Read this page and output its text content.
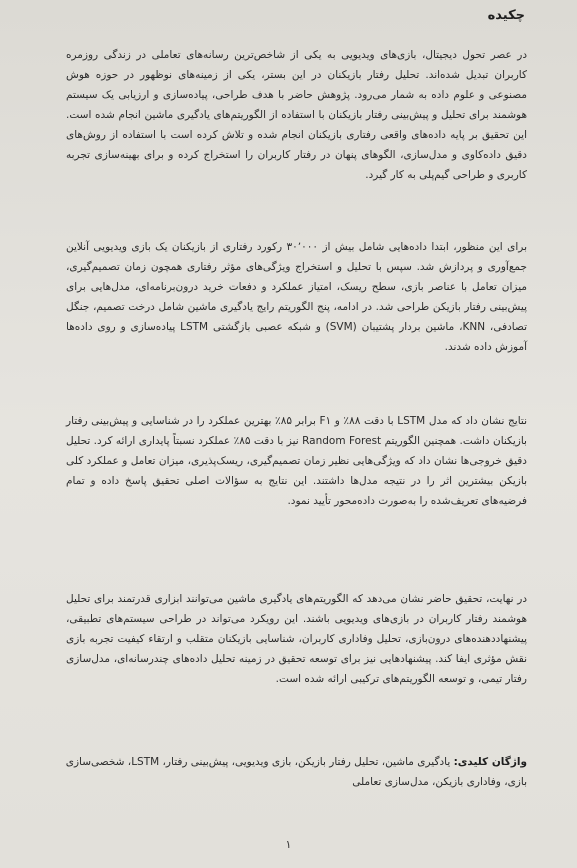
چکیده

در عصر تحول دیجیتال، بازی‌های ویدیویی به یکی از شاخص‌ترین رسانه‌های تعاملی در زندگی روزمره کاربران تبدیل شده‌اند. تحلیل رفتار بازیکنان در این بستر، یکی از زمینه‌های نوظهور در حوزه هوش مصنوعی و علوم داده به شمار می‌رود. پژوهش حاضر با هدف طراحی، پیاده‌سازی و ارزیابی یک سیستم هوشمند برای تحلیل و پیش‌بینی رفتار بازیکنان با استفاده از الگوریتم‌های یادگیری ماشین انجام شده است. این تحقیق بر پایه داده‌های واقعی رفتاری بازیکنان انجام شده و تلاش کرده است با استفاده از روش‌های دقیق داده‌کاوی و مدل‌سازی، الگوهای پنهان در رفتار کاربران را استخراج کرده و برای بهینه‌سازی تجربه کاربری و طراحی گیم‌پلی به کار گیرد.

برای این منظور، ابتدا داده‌هایی شامل بیش از ۳۰٬۰۰۰ رکورد رفتاری از بازیکنان یک بازی ویدیویی آنلاین جمع‌آوری و پردازش شد. سپس با تحلیل و استخراج ویژگی‌های مؤثر رفتاری همچون زمان تصمیم‌گیری، میزان تعامل با عناصر بازی، سطح ریسک، امتیاز عملکرد و دفعات خرید درون‌برنامه‌ای، مدل‌هایی برای پیش‌بینی رفتار بازیکن طراحی شد. در ادامه، پنج الگوریتم رایج یادگیری ماشین شامل درخت تصمیم، جنگل تصادفی، KNN، ماشین بردار پشتیبان (SVM) و شبکه عصبی بازگشتی LSTM پیاده‌سازی و روی داده‌ها آموزش داده شدند.

نتایج نشان داد که مدل LSTM با دقت ۸۸٪ و F۱ برابر ۸۵٪ بهترین عملکرد را در شناسایی و پیش‌بینی رفتار بازیکنان داشت. همچنین الگوریتم Random Forest نیز با دقت ۸۵٪ عملکرد نسبتاً پایداری ارائه کرد. تحلیل دقیق خروجی‌ها نشان داد که ویژگی‌هایی نظیر زمان تصمیم‌گیری، ریسک‌پذیری، میزان تعامل و عملکرد کلی بازیکن بیشترین اثر را در نتیجه مدل‌ها داشتند. این نتایج به سؤالات اصلی تحقیق پاسخ داده و تمام فرضیه‌های تعریف‌شده را به‌صورت داده‌محور تأیید نمود.

در نهایت، تحقیق حاضر نشان می‌دهد که الگوریتم‌های یادگیری ماشین می‌توانند ابزاری قدرتمند برای تحلیل هوشمند رفتار کاربران در بازی‌های ویدیویی باشند. این رویکرد می‌تواند در طراحی سیستم‌های تطبیقی، پیشنهاددهنده‌های درون‌بازی، تحلیل وفاداری کاربران، شناسایی بازیکنان متقلب و ارتقاء کیفیت تجربه بازی نقش مؤثری ایفا کند. پیشنهادهایی نیز برای توسعه تحقیق در زمینه تحلیل داده‌های چندرسانه‌ای، مدل‌سازی رفتار تیمی، و توسعه الگوریتم‌های ترکیبی ارائه شده است.

واژگان کلیدی: یادگیری ماشین، تحلیل رفتار بازیکن، بازی ویدیویی، پیش‌بینی رفتار، LSTM، شخصی‌سازی بازی، وفاداری بازیکن، مدل‌سازی تعاملی
۱
